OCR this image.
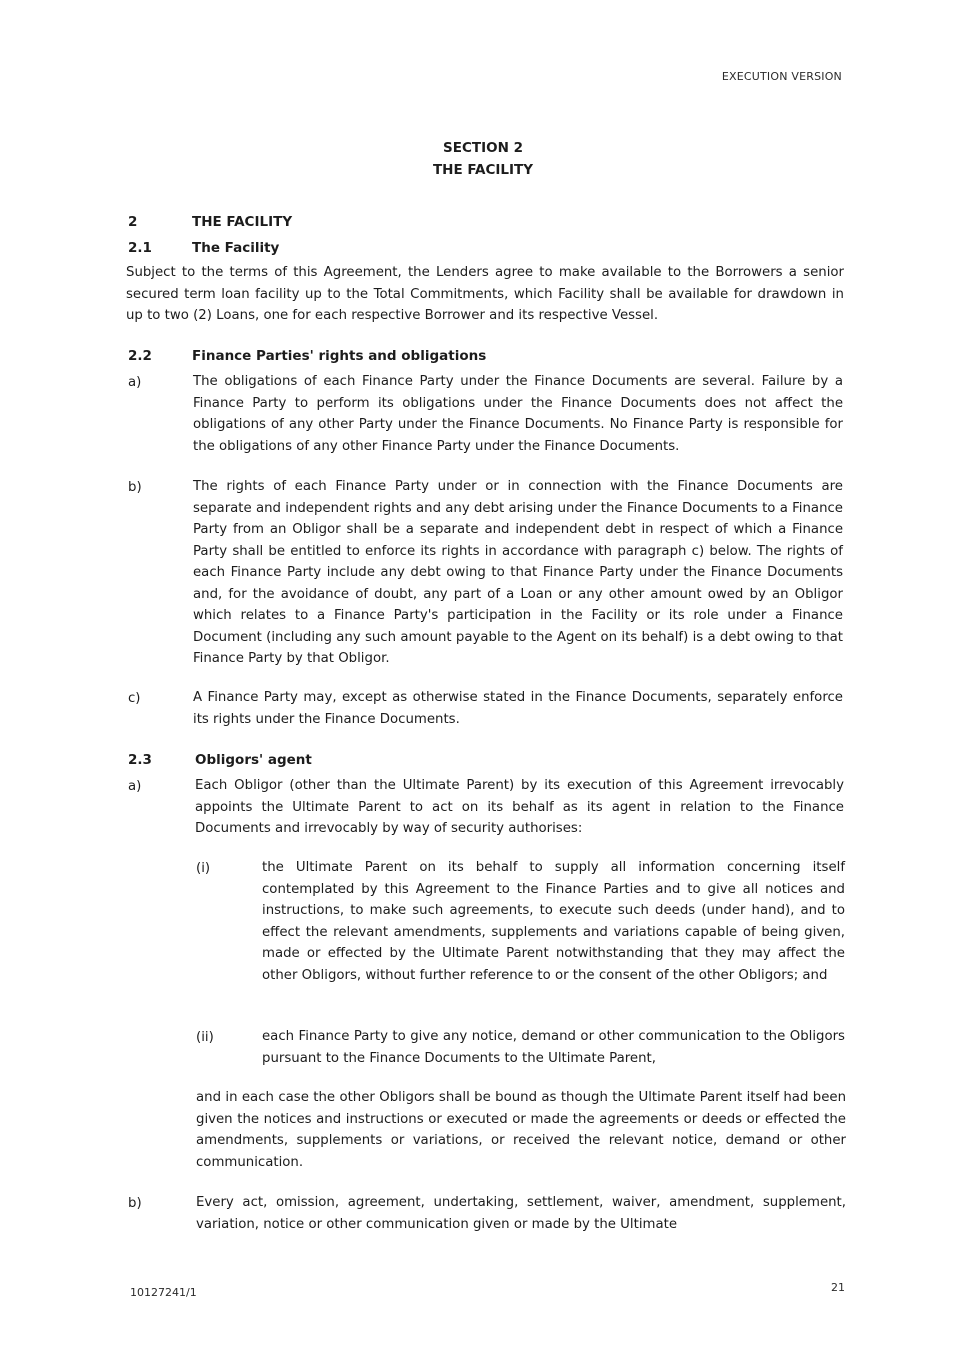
EXECUTION VERSION
SECTION 2
THE FACILITY
2	THE FACILITY
2.1	The Facility
Subject to the terms of this Agreement, the Lenders agree to make available to the Borrowers a senior secured term loan facility up to the Total Commitments, which Facility shall be available for drawdown in up to two (2) Loans, one for each respective Borrower and its respective Vessel.
2.2	Finance Parties' rights and obligations
a)	The obligations of each Finance Party under the Finance Documents are several. Failure by a Finance Party to perform its obligations under the Finance Documents does not affect the obligations of any other Party under the Finance Documents. No Finance Party is responsible for the obligations of any other Finance Party under the Finance Documents.
b)	The rights of each Finance Party under or in connection with the Finance Documents are separate and independent rights and any debt arising under the Finance Documents to a Finance Party from an Obligor shall be a separate and independent debt in respect of which a Finance Party shall be entitled to enforce its rights in accordance with paragraph c) below. The rights of each Finance Party include any debt owing to that Finance Party under the Finance Documents and, for the avoidance of doubt, any part of a Loan or any other amount owed by an Obligor which relates to a Finance Party's participation in the Facility or its role under a Finance Document (including any such amount payable to the Agent on its behalf) is a debt owing to that Finance Party by that Obligor.
c)	A Finance Party may, except as otherwise stated in the Finance Documents, separately enforce its rights under the Finance Documents.
2.3	Obligors' agent
a)	Each Obligor (other than the Ultimate Parent) by its execution of this Agreement irrevocably appoints the Ultimate Parent to act on its behalf as its agent in relation to the Finance Documents and irrevocably by way of security authorises:
(i)	the Ultimate Parent on its behalf to supply all information concerning itself contemplated by this Agreement to the Finance Parties and to give all notices and instructions, to make such agreements, to execute such deeds (under hand), and to effect the relevant amendments, supplements and variations capable of being given, made or effected by the Ultimate Parent notwithstanding that they may affect the other Obligors, without further reference to or the consent of the other Obligors; and
(ii)	each Finance Party to give any notice, demand or other communication to the Obligors pursuant to the Finance Documents to the Ultimate Parent,
and in each case the other Obligors shall be bound as though the Ultimate Parent itself had been given the notices and instructions or executed or made the agreements or deeds or effected the amendments, supplements or variations, or received the relevant notice, demand or other communication.
b)	Every act, omission, agreement, undertaking, settlement, waiver, amendment, supplement, variation, notice or other communication given or made by the Ultimate
10127241/1	21
